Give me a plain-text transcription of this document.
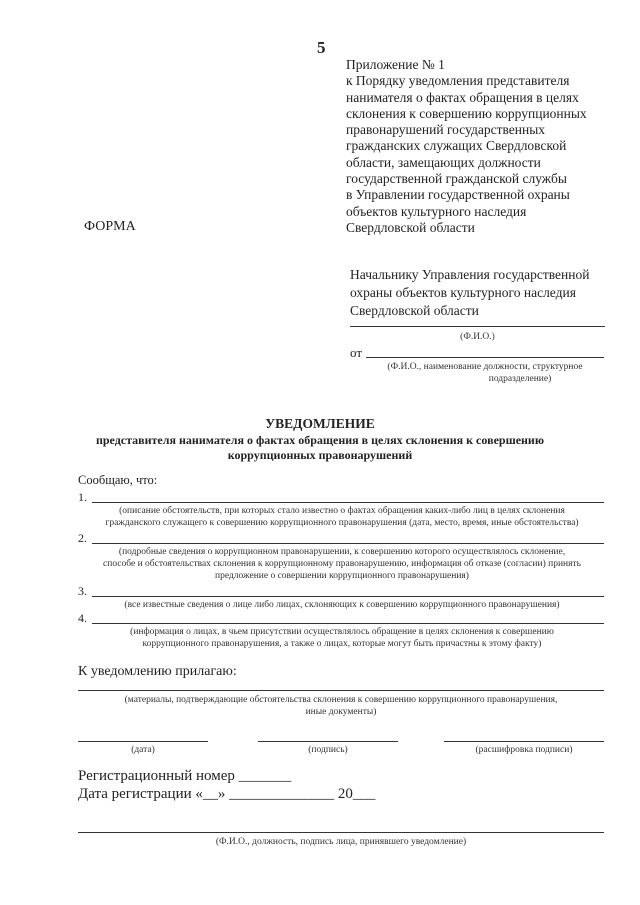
5
Приложение № 1
к Порядку уведомления представителя
нанимателя о фактах обращения в целях
склонения к совершению коррупционных
правонарушений государственных
гражданских служащих Свердловской
области, замещающих должности
государственной гражданской службы
в Управлении государственной охраны
объектов культурного наследия
Свердловской области
ФОРМА
Начальнику Управления государственной
охраны объектов культурного наследия
Свердловской области
(Ф.И.О.)
от
(Ф.И.О., наименование должности, структурное
подразделение)
УВЕДОМЛЕНИЕ
представителя нанимателя о фактах обращения в целях склонения к совершению
коррупционных правонарушений
Сообщаю, что:
1.
(описание обстоятельств, при которых стало известно о фактах обращения каких-либо лиц в целях склонения
гражданского служащего к совершению коррупционного правонарушения (дата, место, время, иные обстоятельства)
2.
(подробные сведения о коррупционном правонарушении, к совершению которого осуществлялось склонение,
способе и обстоятельствах склонения к коррупционному правонарушению, информация об отказе (согласии) принять
предложение о совершении коррупционного правонарушения)
3.
(все известные сведения о лице либо лицах, склоняющих к совершению коррупционного правонарушения)
4.
(информация о лицах, в чьем присутствии осуществлялось обращение в целях склонения к совершению
коррупционного правонарушения, а также о лицах, которые могут быть причастны к этому факту)
К уведомлению прилагаю:
(материалы, подтверждающие обстоятельства склонения к совершению коррупционного правонарушения,
иные документы)
(дата)	(подпись)	(расшифровка подписи)
Регистрационный номер _______
Дата регистрации «__» ______________ 20___
(Ф.И.О., должность, подпись лица, принявшего уведомление)
